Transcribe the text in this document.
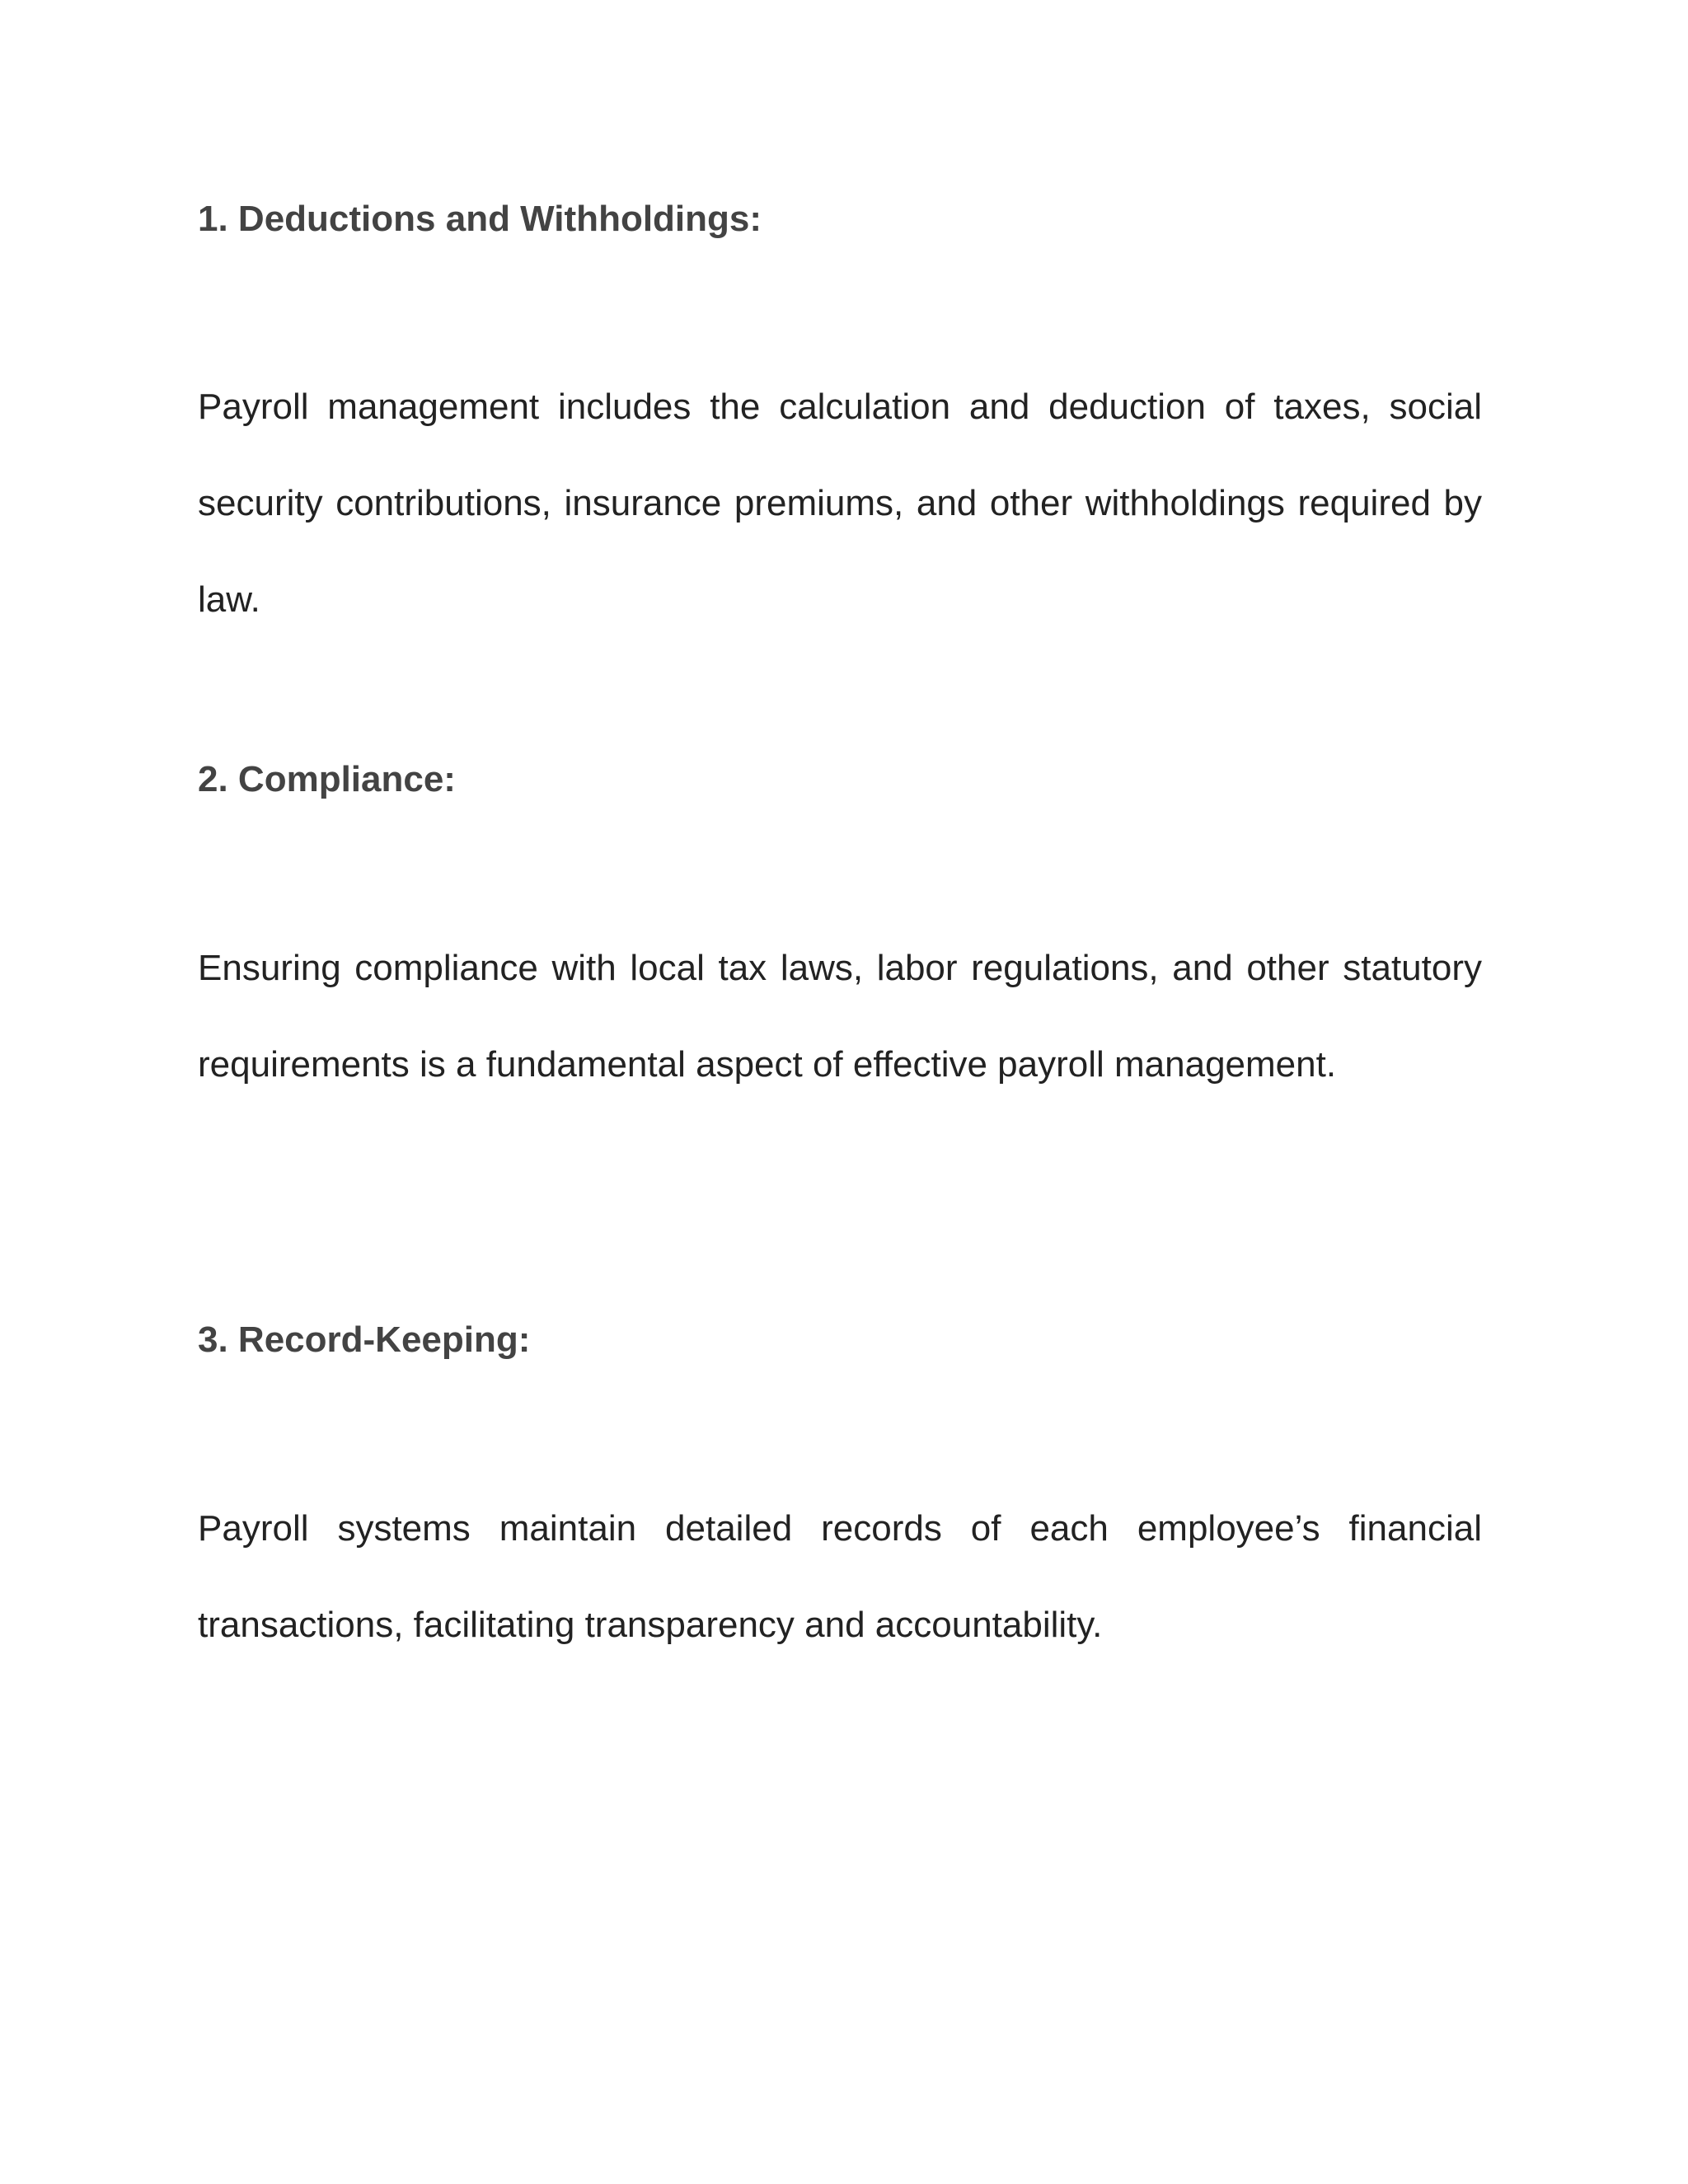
1. Deductions and Withholdings:

Payroll management includes the calculation and deduction of taxes, social security contributions, insurance premiums, and other withholdings required by law.

2. Compliance:

Ensuring compliance with local tax laws, labor regulations, and other statutory requirements is a fundamental aspect of effective payroll management.

3. Record-Keeping:

Payroll systems maintain detailed records of each employee’s financial transactions, facilitating transparency and accountability.
